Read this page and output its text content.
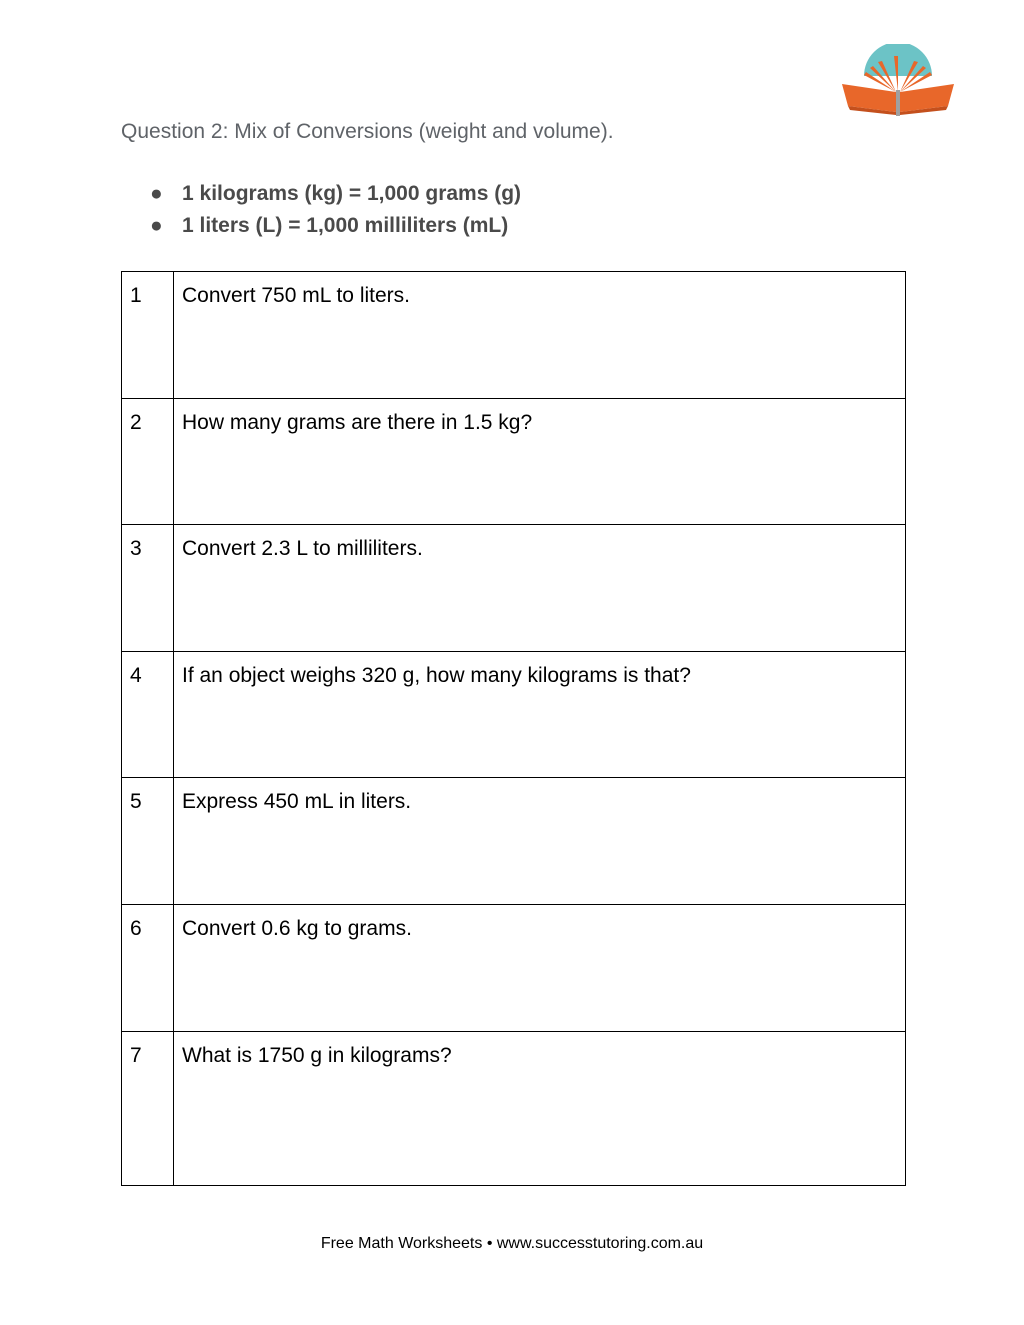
Question 2: Mix of Conversions (weight and volume).
● 1 kilograms (kg) = 1,000 grams (g)
● 1 liters (L) = 1,000 milliliters (mL)
1	Convert 750 mL to liters.
2	How many grams are there in 1.5 kg?
3	Convert 2.3 L to milliliters.
4	If an object weighs 320 g, how many kilograms is that?
5	Express 450 mL in liters.
6	Convert 0.6 kg to grams.
7	What is 1750 g in kilograms?
Free Math Worksheets • www.successtutoring.com.au
